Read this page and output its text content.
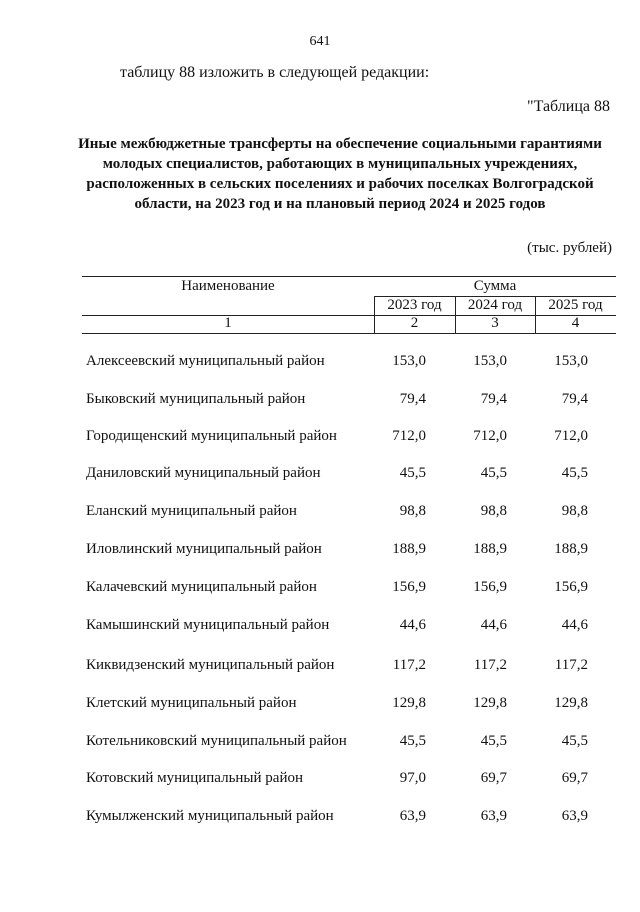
641
таблицу 88 изложить в следующей редакции:
"Таблица 88
Иные межбюджетные трансферты на обеспечение социальными гарантиями молодых специалистов, работающих в муниципальных учреждениях, расположенных в сельских поселениях и рабочих поселках Волгоградской области, на 2023 год и на плановый период 2024 и 2025 годов
(тыс. рублей)
Наименование	Сумма
2023 год	2024 год	2025 год
1	2	3	4
Алексеевский муниципальный район	153,0	153,0	153,0
Быковский муниципальный район	79,4	79,4	79,4
Городищенский муниципальный район	712,0	712,0	712,0
Даниловский муниципальный район	45,5	45,5	45,5
Еланский муниципальный район	98,8	98,8	98,8
Иловлинский муниципальный район	188,9	188,9	188,9
Калачевский муниципальный район	156,9	156,9	156,9
Камышинский муниципальный район	44,6	44,6	44,6
Киквидзенский муниципальный район	117,2	117,2	117,2
Клетский муниципальный район	129,8	129,8	129,8
Котельниковский муниципальный район	45,5	45,5	45,5
Котовский муниципальный район	97,0	69,7	69,7
Кумылженский муниципальный район	63,9	63,9	63,9
